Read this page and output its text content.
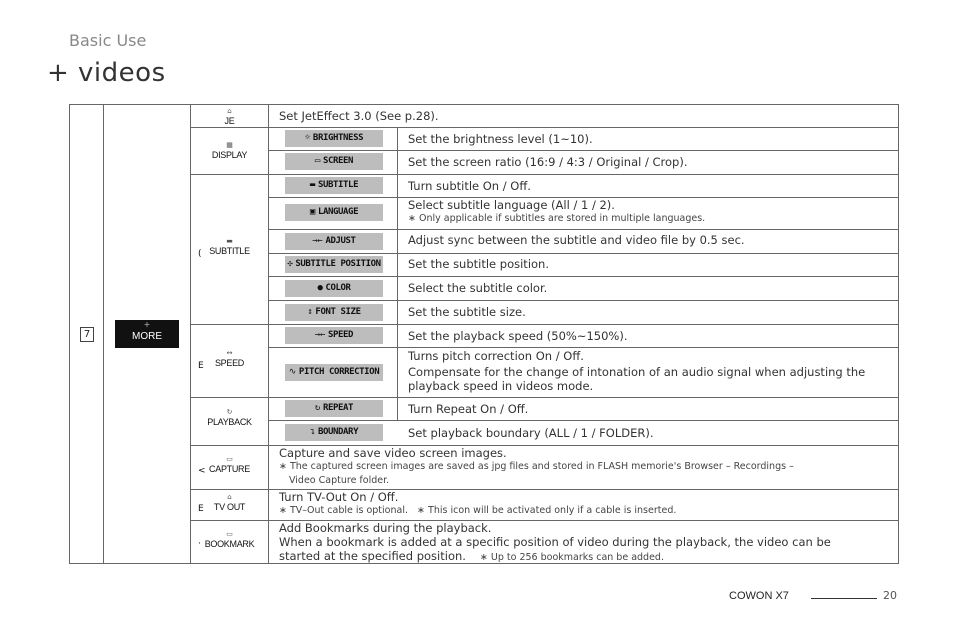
Basic Use
+ videos
7
+
MORE
⌂
JE
▦
DISPLAY
(
▬
SUBTITLE
E
↔
SPEED
↻
PLAYBACK
<
▭
CAPTURE
E
⌂
TV OUT
·
▭
BOOKMARK
☼ BRIGHTNESS
▭ SCREEN
▬ SUBTITLE
▣ LANGUAGE
→← ADJUST
✣ SUBTITLE POSITION
● COLOR
↕ FONT SIZE
→← SPEED
∿ PITCH CORRECTION
↻ REPEAT
↴ BOUNDARY
Set JetEffect 3.0 (See p.28).
Set the brightness level (1~10).
Set the screen ratio (16:9 / 4:3 / Original / Crop).
Turn subtitle On / Off.
Select subtitle language (All / 1 / 2).
∗ Only applicable if subtitles are stored in multiple languages.
Adjust sync between the subtitle and video file by 0.5 sec.
Set the subtitle position.
Select the subtitle color.
Set the subtitle size.
Set the playback speed (50%~150%).
Turns pitch correction On / Off.
Compensate for the change of intonation of an audio signal when adjusting the
playback speed in videos mode.
Turn Repeat On / Off.
Set playback boundary (ALL / 1 / FOLDER).
Capture and save video screen images.
∗ The captured screen images are saved as jpg files and stored in FLASH memorie's Browser – Recordings –
Video Capture folder.
Turn TV-Out On / Off.
∗ TV–Out cable is optional.   ∗ This icon will be activated only if a cable is inserted.
Add Bookmarks during the playback.
When a bookmark is added at a specific position of video during the playback, the video can be
started at the specified position. ∗ Up to 256 bookmarks can be added.
COWON X7	20
